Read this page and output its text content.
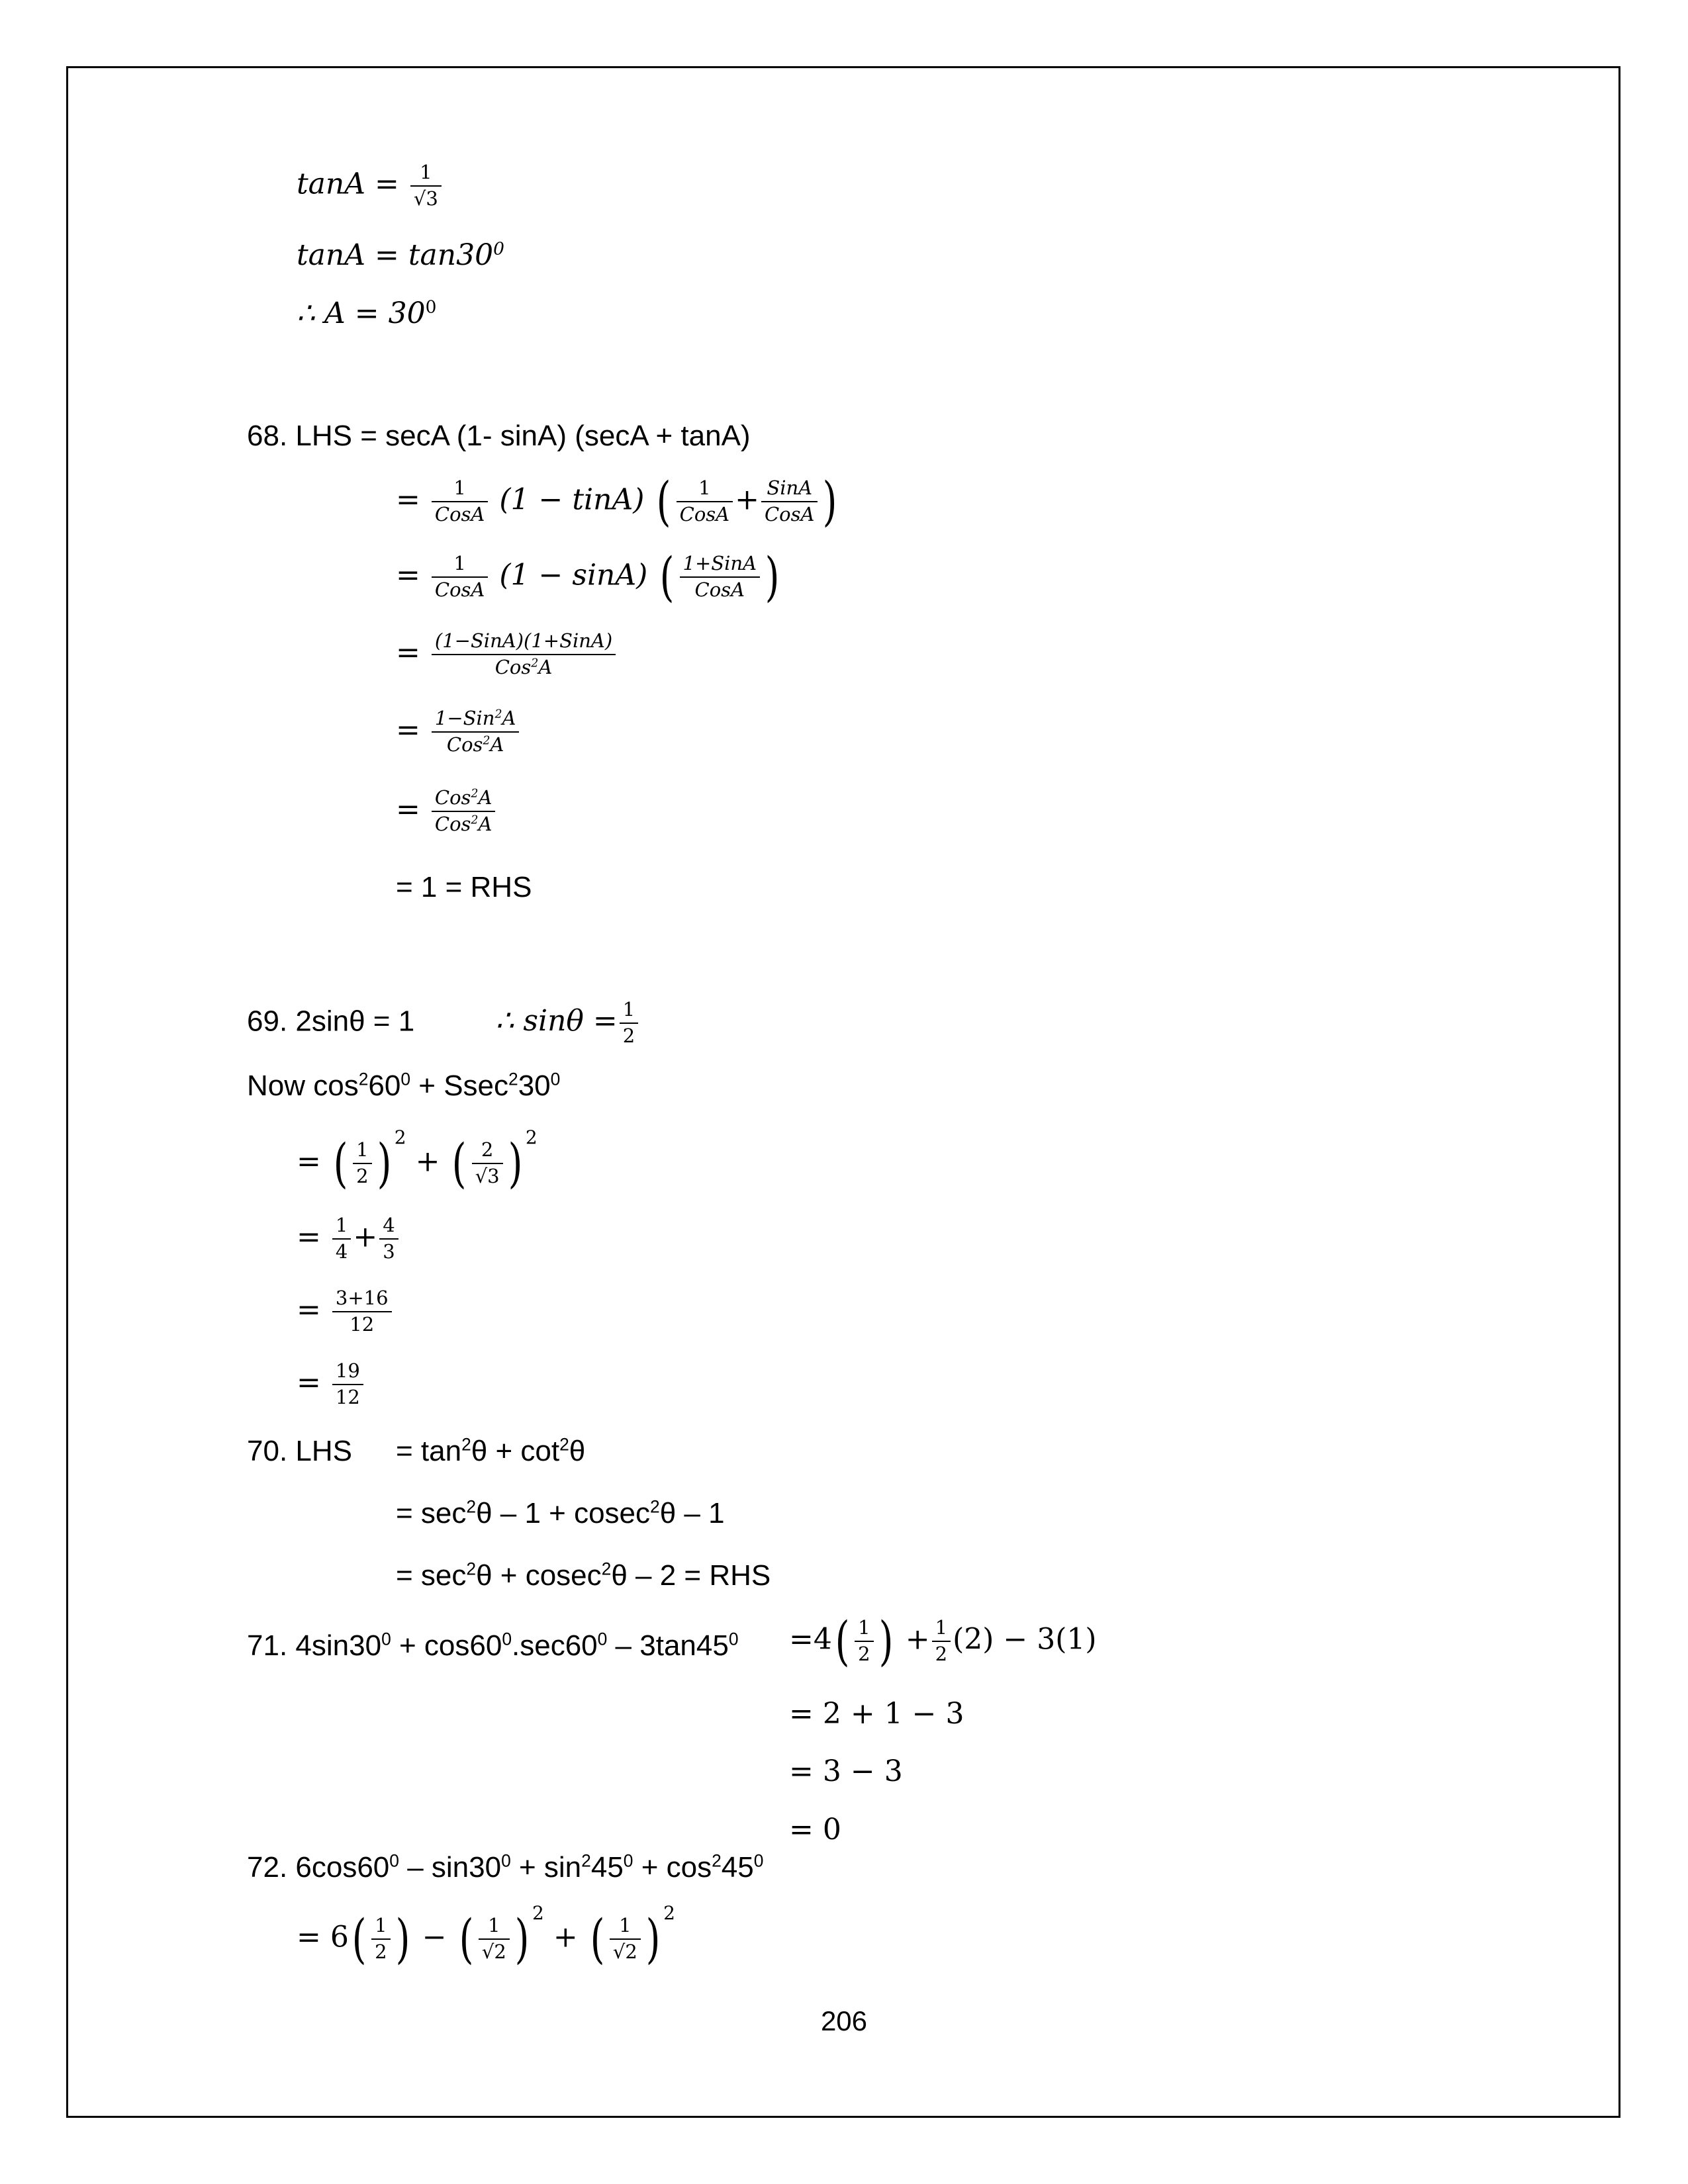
$\tan A = \frac{1}{√3}$
$\tan A = \tan 30^0$
∴ $A = 30^0$
68. LHS = secA (1- sinA) (secA + tanA)
= $\frac{1}{\text{CosA}} (1$ − tinA) ( $\frac{1}{\text{CosA}} + \frac{\text{SinA}}{\text{CosA}}$ )
= $\frac{1}{\text{CosA}} (1 - \sin A)$ ( $\frac{\text{1+SinA}}{\text{CosA}}$ )
= $\frac{\text{(1−SinA)(1+SinA)}}{Cos^2A}$
= $\frac{1-Sin^2A}{Cos^2A}$
= $\frac{Cos^2A}{Cos^2A}$
= 1 = RHS
69. 2sinθ = 1	∴ $\sin\theta = \frac{1}{2}$
Now $\cos^260^0 + Ssec^230^0$
= ( $\frac{1}{2}$ ) $^2$ + ( $\frac{2}{√3}$ ) $^2$
= $\frac{1}{4} + \frac{4}{3}$
= $\frac{3+16}{12}$
= $\frac{19}{12}$
70. LHS = $\tan^2\theta + \cot^2\theta$
= $\sec^2\theta - 1 + cosec^2\theta - 1$
= $\sec^2\theta + cosec^2\theta - 2$ = RHS
71. $4\sin 30^0 + \cos 60^0.\sec 60^0 - 3\tan 45^0 =4( \frac{1}{2}$ ) + $\frac{1}{2} (2) - 3(1)$
= 2 + 1 − 3
= 3 − 3
= 0
72. $6\cos 60^0 - \sin 30^0 + \sin^245^0 + \cos^245^0$
= $6( \frac{1}{2}$ ) − ( $\frac{1}{√2}$ ) $^2$ + ( $\frac{1}{√2}$ ) $^2$
206
